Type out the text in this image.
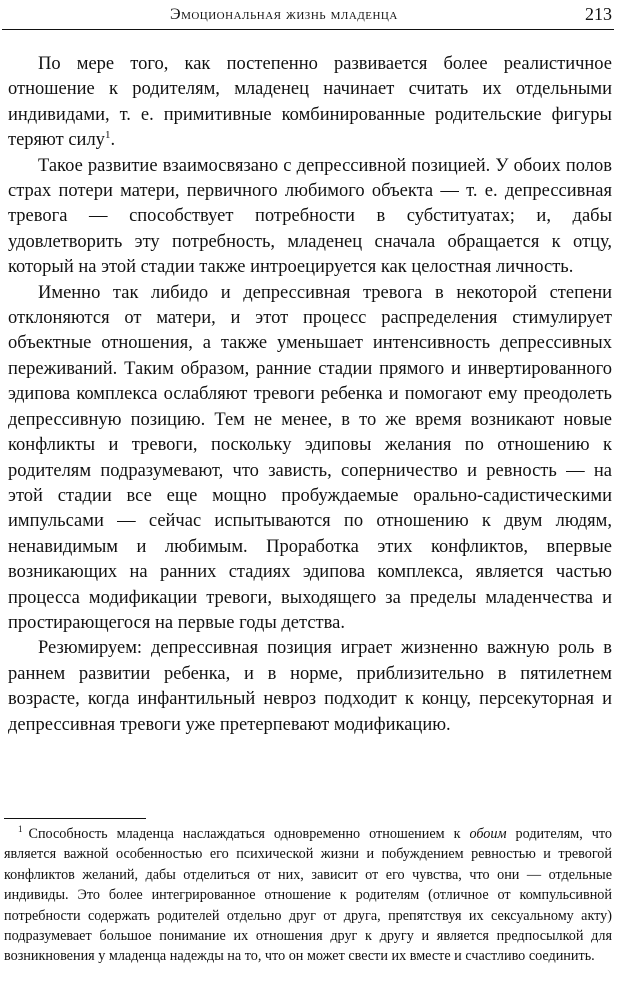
Эмоциональная жизнь младенца	213

По мере того, как постепенно развивается более реалистичное отношение к родителям, младенец начинает считать их отдельными индивидами, т. е. примитивные комбинированные родительские фигуры теряют силу$^1$.

Такое развитие взаимосвязано с депрессивной позицией. У обоих полов страх потери матери, первичного любимого объекта — т. е. депрессивная тревога — способствует потребности в субституатах; и, дабы удовлетворить эту потребность, младенец сначала обращается к отцу, который на этой стадии также интроецируется как целостная личность.

Именно так либидо и депрессивная тревога в некоторой степени отклоняются от матери, и этот процесс распределения стимулирует объектные отношения, а также уменьшает интенсивность депрессивных переживаний. Таким образом, ранние стадии прямого и инвертированного эдипова комплекса ослабляют тревоги ребенка и помогают ему преодолеть депрессивную позицию. Тем не менее, в то же время возникают новые конфликты и тревоги, поскольку эдиповы желания по отношению к родителям подразумевают, что зависть, соперничество и ревность — на этой стадии все еще мощно пробуждаемые орально-садистическими импульсами — сейчас испытываются по отношению к двум людям, ненавидимым и любимым. Проработка этих конфликтов, впервые возникающих на ранних стадиях эдипова комплекса, является частью процесса модификации тревоги, выходящего за пределы младенчества и простирающегося на первые годы детства.

Резюмируем: депрессивная позиция играет жизненно важную роль в раннем развитии ребенка, и в норме, приблизительно в пятилетнем возрасте, когда инфантильный невроз подходит к концу, персекуторная и депрессивная тревоги уже претерпевают модификацию.

$^1$ Способность младенца наслаждаться одновременно отношением к обоим родителям, что является важной особенностью его психической жизни и побуждением ревностью и тревогой конфликтов желаний, дабы отделиться от них, зависит от его чувства, что они — отдельные индивиды. Это более интегрированное отношение к родителям (отличное от компульсивной потребности содержать родителей отдельно друг от друга, препятствуя их сексуальному акту) подразумевает большое понимание их отношения друг к другу и является предпосылкой для возникновения у младенца надежды на то, что он может свести их вместе и счастливо соединить.
